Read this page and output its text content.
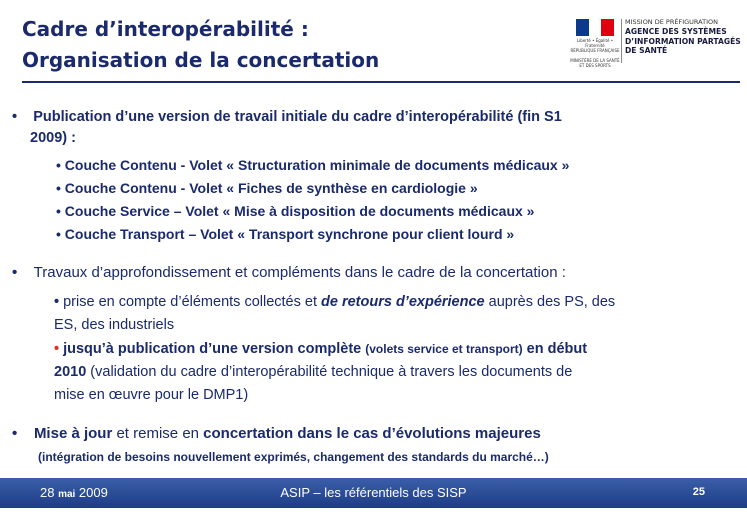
Cadre d’interopérabilité :
Organisation de la concertation
Liberté • Égalité • Fraternité
RÉPUBLIQUE FRANÇAISE

MINISTÈRE DE LA SANTÉ
ET DES SPORTS
MISSION DE PRÉFIGURATION
AGENCE DES SYSTÈMES
D’INFORMATION PARTAGÉS
DE SANTÉ
• Publication d’une version de travail initiale du cadre d’interopérabilité (fin S1
2009) :
• Couche Contenu - Volet « Structuration minimale de documents médicaux »
• Couche Contenu - Volet « Fiches de synthèse en cardiologie »
• Couche Service – Volet « Mise à disposition de documents médicaux »
• Couche Transport – Volet « Transport synchrone pour client lourd »
• Travaux d’approfondissement et compléments dans le cadre de la concertation :
• prise en compte d’éléments collectés et de retours d’expérience auprès des PS, des
ES, des industriels
• jusqu’à publication d’une version complète (volets service et transport) en début
2010 (validation du cadre d’interopérabilité technique à travers les documents de
mise en œuvre pour le DMP1)
• Mise à jour et remise en concertation dans le cas d’évolutions majeures
(intégration de besoins nouvellement exprimés, changement des standards du marché…)
28 mai 2009	ASIP – les référentiels des SISP	25
